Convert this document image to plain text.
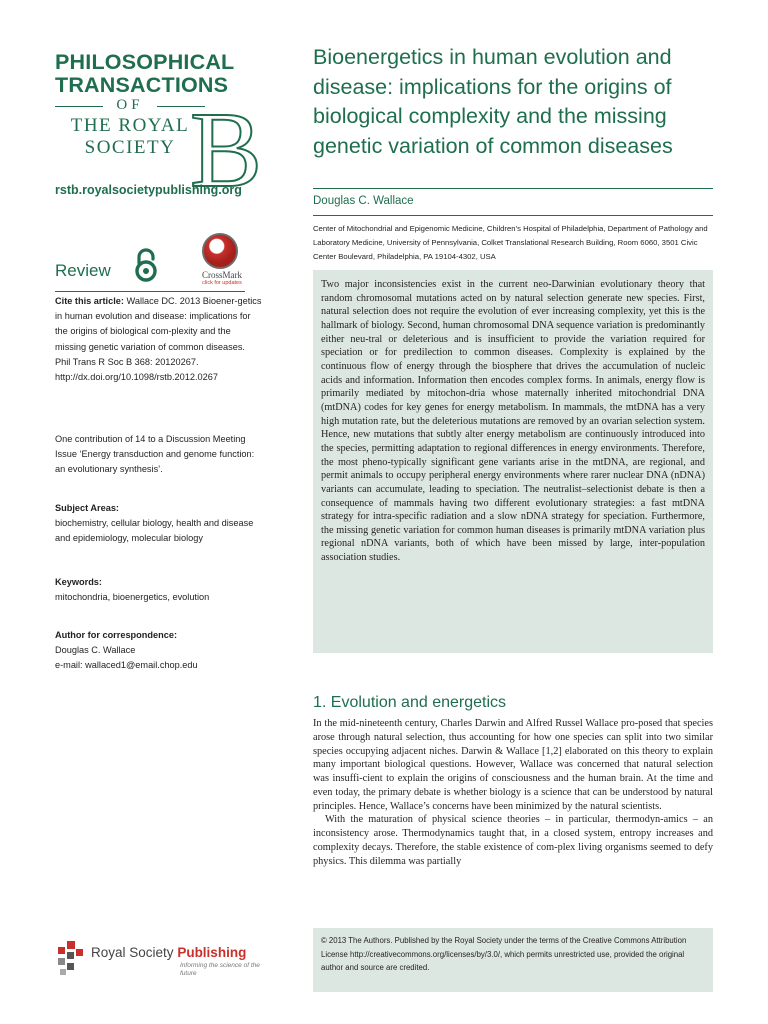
PHILOSOPHICAL
TRANSACTIONS
OF
THE ROYAL
SOCIETY B
rstb.royalsocietypublishing.org
Review	CrossMark
click for updates
Cite this article: Wallace DC. 2013 Bioener-getics in human evolution and disease: implications for the origins of biological com-plexity and the missing genetic variation of common diseases. Phil Trans R Soc B 368: 20120267.
http://dx.doi.org/10.1098/rstb.2012.0267
One contribution of 14 to a Discussion Meeting Issue ‘Energy transduction and genome function: an evolutionary synthesis’.
Subject Areas:
biochemistry, cellular biology, health and disease and epidemiology, molecular biology
Keywords:
mitochondria, bioenergetics, evolution
Author for correspondence:
Douglas C. Wallace
e-mail: wallaced1@email.chop.edu
Bioenergetics in human evolution and disease: implications for the origins of biological complexity and the missing genetic variation of common diseases
Douglas C. Wallace
Center of Mitochondrial and Epigenomic Medicine, Children’s Hospital of Philadelphia, Department of Pathology and Laboratory Medicine, University of Pennsylvania, Colket Translational Research Building, Room 6060, 3501 Civic Center Boulevard, Philadelphia, PA 19104-4302, USA

Two major inconsistencies exist in the current neo-Darwinian evolutionary theory that random chromosomal mutations acted on by natural selection generate new species. First, natural selection does not require the evolution of ever increasing complexity, yet this is the hallmark of biology. Second, human chromosomal DNA sequence variation is predominantly either neu-tral or deleterious and is insufficient to provide the variation required for speciation or for predilection to common diseases. Complexity is explained by the continuous flow of energy through the biosphere that drives the accumulation of nucleic acids and information. Information then encodes complex forms. In animals, energy flow is primarily mediated by mitochon-dria whose maternally inherited mitochondrial DNA (mtDNA) codes for key genes for energy metabolism. In mammals, the mtDNA has a very high mutation rate, but the deleterious mutations are removed by an ovarian selection system. Hence, new mutations that subtly alter energy metabolism are continuously introduced into the species, permitting adaptation to regional differences in energy environments. Therefore, the most pheno-typically significant gene variants arise in the mtDNA, are regional, and permit animals to occupy peripheral energy environments where rarer nuclear DNA (nDNA) variants can accumulate, leading to speciation. The neutralist–selectionist debate is then a consequence of mammals having two different evolutionary strategies: a fast mtDNA strategy for intra-specific radiation and a slow nDNA strategy for speciation. Furthermore, the missing genetic variation for common human diseases is primarily mtDNA variation plus regional nDNA variants, both of which have been missed by large, inter-population association studies.

1. Evolution and energetics

In the mid-nineteenth century, Charles Darwin and Alfred Russel Wallace pro-posed that species arose through natural selection, thus accounting for how one species can split into two similar species occupying adjacent niches. Darwin & Wallace [1,2] elaborated on this theory to explain many important biological questions. However, Wallace was concerned that natural selection was insuffi-cient to explain the origins of consciousness and the human brain. At the time and even today, the primary debate is whether biology is a science that can be understood by natural principles. Hence, Wallace’s concerns have been minimized by the natural scientists.

With the maturation of physical science theories – in particular, thermodyn-amics – an inconsistency arose. Thermodynamics taught that, in a closed system, entropy increases and complexity decays. Therefore, the stable existence of com-plex living organisms seemed to defy physics. This dilemma was partially

© 2013 The Authors. Published by the Royal Society under the terms of the Creative Commons Attribution License http://creativecommons.org/licenses/by/3.0/, which permits unrestricted use, provided the original author and source are credited.
Royal Society Publishing
Informing the science of the future
